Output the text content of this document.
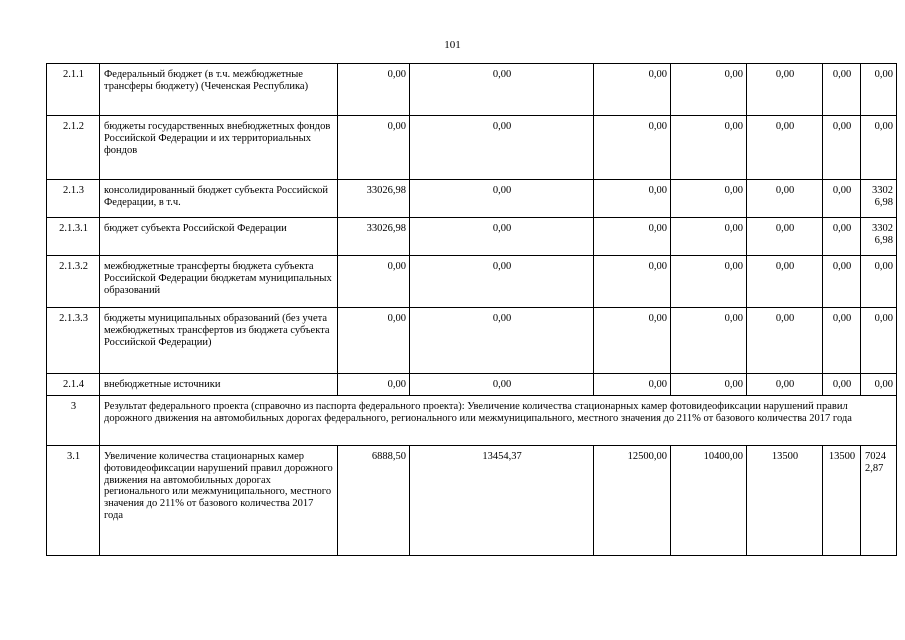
101
2.1.1	Федеральный бюджет (в т.ч. межбюджетные трансферы бюджету) (Чеченская Республика)	0,00	0,00	0,00	0,00	0,00	0,00	0,00
2.1.2	бюджеты государственных внебюджетных фондов Российской Федерации и их территориальных фондов	0,00	0,00	0,00	0,00	0,00	0,00	0,00
2.1.3	консолидированный бюджет субъекта Российской Федерации, в т.ч.	33026,98	0,00	0,00	0,00	0,00	0,00	33026,98
2.1.3.1	бюджет субъекта Российской Федерации	33026,98	0,00	0,00	0,00	0,00	0,00	33026,98
2.1.3.2	межбюджетные трансферты бюджета субъекта Российской Федерации бюджетам муниципальных образований	0,00	0,00	0,00	0,00	0,00	0,00	0,00
2.1.3.3	бюджеты муниципальных образований (без учета межбюджетных трансфертов из бюджета субъекта Российской Федерации)	0,00	0,00	0,00	0,00	0,00	0,00	0,00
2.1.4	внебюджетные источники	0,00	0,00	0,00	0,00	0,00	0,00	0,00
3	Результат федерального проекта (справочно из паспорта федерального проекта): Увеличение количества стационарных камер фотовидеофиксации нарушений правил дорожного движения на автомобильных дорогах федерального, регионального или межмуниципального, местного значения до 211% от базового количества 2017 года							
3.1	Увеличение количества стационарных камер фотовидеофиксации нарушений правил дорожного движения на автомобильных дорогах регионального или межмуниципального, местного значения до 211% от базового количества 2017 года	6888,50	13454,37	12500,00	10400,00	13500	13500	70242,87
